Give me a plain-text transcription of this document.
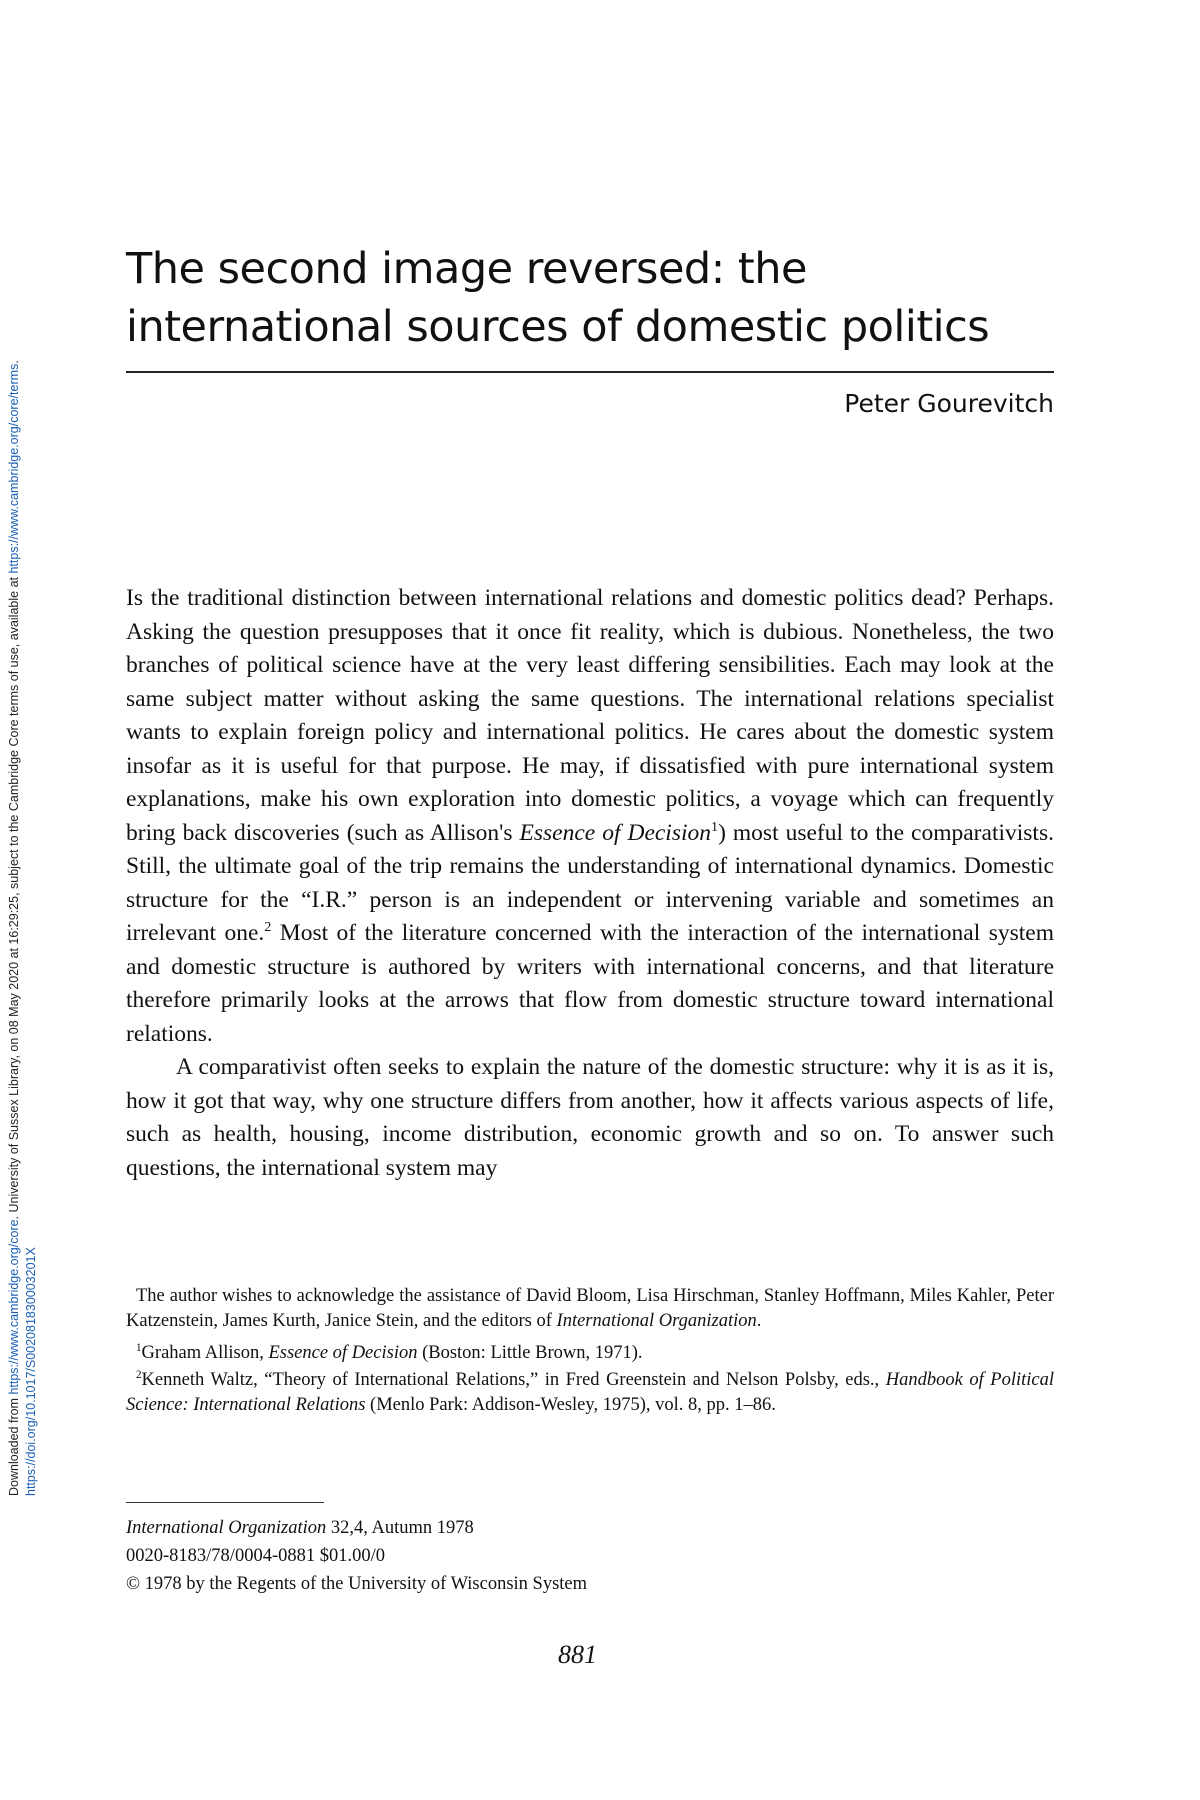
Downloaded from https://www.cambridge.org/core. University of Sussex Library, on 08 May 2020 at 16:29:25, subject to the Cambridge Core terms of use, available at https://www.cambridge.org/core/terms.
https://doi.org/10.1017/S002081830003201X
The second image reversed: the
international sources of domestic politics
Peter Gourevitch

Is the traditional distinction between international relations and domestic politics dead? Perhaps. Asking the question presupposes that it once fit reality, which is dubious. Nonetheless, the two branches of political science have at the very least differing sensibilities. Each may look at the same subject matter without asking the same questions. The international relations specialist wants to explain foreign policy and international politics. He cares about the domestic system insofar as it is useful for that purpose. He may, if dissatisfied with pure international system explanations, make his own exploration into domestic politics, a voyage which can frequently bring back discoveries (such as Allison's Essence of Decision$^1$) most useful to the comparativists. Still, the ultimate goal of the trip remains the understanding of international dynamics. Domestic structure for the “I.R.” person is an independent or intervening variable and sometimes an irrelevant one.$^2$ Most of the literature concerned with the interaction of the international system and domestic structure is authored by writers with international concerns, and that literature therefore primarily looks at the arrows that flow from domestic structure toward international relations.

A comparativist often seeks to explain the nature of the domestic structure: why it is as it is, how it got that way, why one structure differs from another, how it affects various aspects of life, such as health, housing, income distribution, economic growth and so on. To answer such questions, the international system may

The author wishes to acknowledge the assistance of David Bloom, Lisa Hirschman, Stanley Hoffmann, Miles Kahler, Peter Katzenstein, James Kurth, Janice Stein, and the editors of International Organization.

$^1$Graham Allison, Essence of Decision (Boston: Little Brown, 1971).

$^2$Kenneth Waltz, “Theory of International Relations,” in Fred Greenstein and Nelson Polsby, eds., Handbook of Political Science: International Relations (Menlo Park: Addison-Wesley, 1975), vol. 8, pp. 1–86.

International Organization 32,4, Autumn 1978
0020-8183/78/0004-0881 $01.00/0
© 1978 by the Regents of the University of Wisconsin System
881
